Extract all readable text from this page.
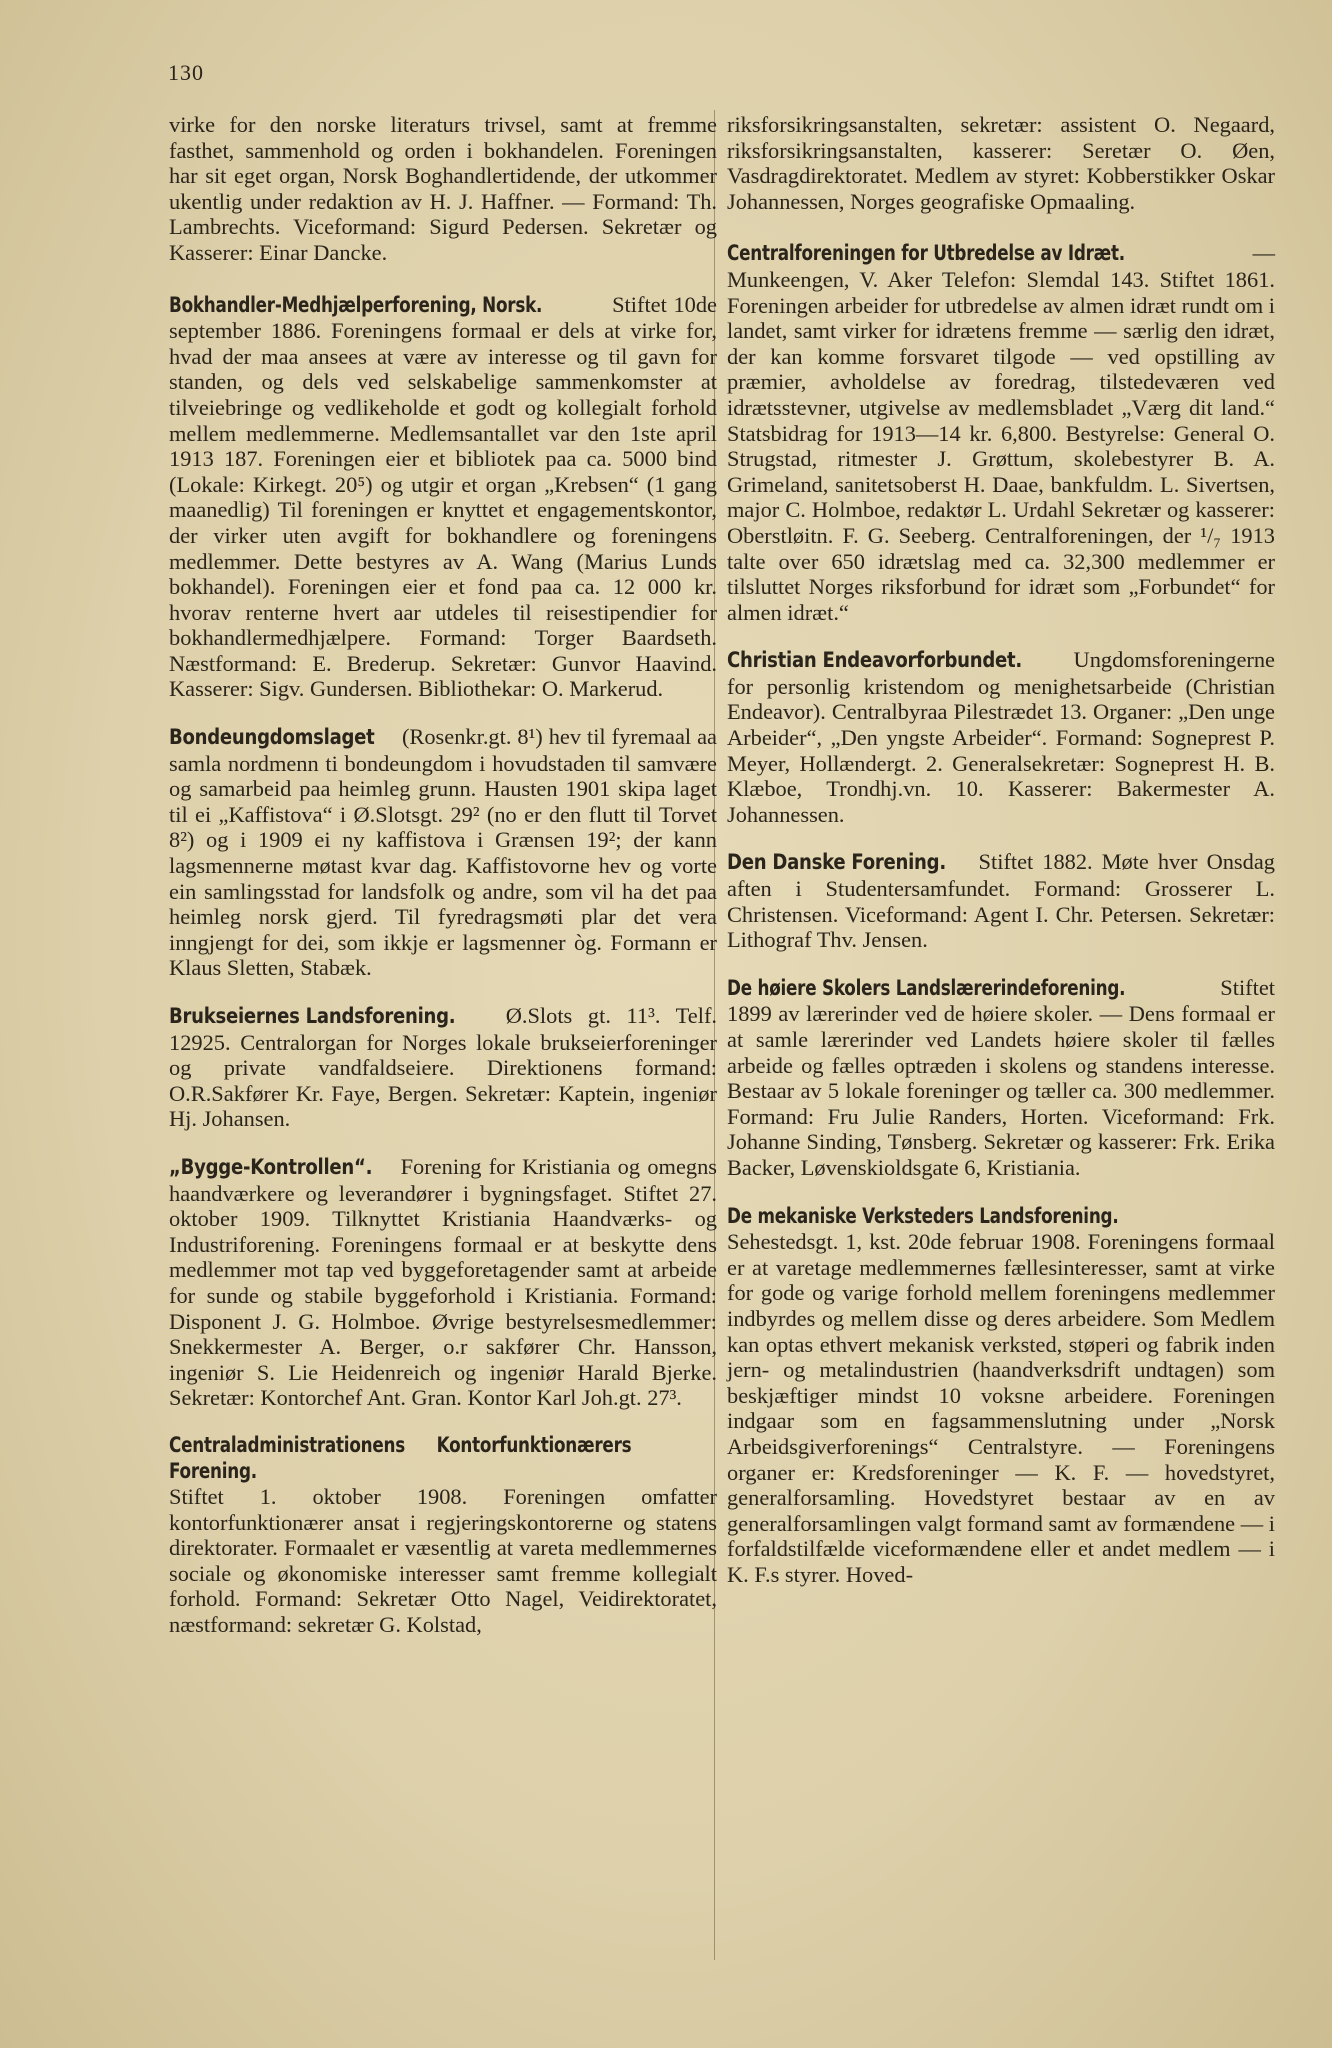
130

virke for den norske literaturs trivsel, samt at fremme fasthet, sammenhold og orden i bokhandelen. Foreningen har sit eget organ, Norsk Boghandlertidende, der utkommer ukentlig under redaktion av H. J. Haffner. — Formand: Th. Lambrechts. Viceformand: Sigurd Pedersen. Sekretær og Kasserer: Einar Dancke.

Bokhandler-Medhjælperforening, Norsk.	Stiftet 10de september 1886. Foreningens formaal er dels at virke for, hvad der maa ansees at være av interesse og til gavn for standen, og dels ved selskabelige sammenkomster at tilveiebringe og vedlikeholde et godt og kollegialt forhold mellem medlemmerne. Medlemsantallet var den 1ste april 1913 187. Foreningen eier et bibliotek paa ca. 5000 bind (Lokale: Kirkegt. 20⁵) og utgir et organ „Krebsen“ (1 gang maanedlig) Til foreningen er knyttet et engagementskontor, der virker uten avgift for bokhandlere og foreningens medlemmer. Dette bestyres av A. Wang (Marius Lunds bokhandel). Foreningen eier et fond paa ca. 12 000 kr. hvorav renterne hvert aar utdeles til reisestipendier for bokhandlermedhjælpere. Formand: Torger Baardseth. Næstformand: E. Brederup. Sekretær: Gunvor Haavind. Kasserer: Sigv. Gundersen. Bibliothekar: O. Markerud.

Bondeungdomslaget (Rosenkr.gt. 8¹) hev til fyremaal aa samla nordmenn ti bondeungdom i hovudstaden til samvære og samarbeid paa heimleg grunn. Hausten 1901 skipa laget til ei „Kaffistova“ i Ø.Slotsgt. 29² (no er den flutt til Torvet 8²) og i 1909 ei ny kaffistova i Grænsen 19²; der kann lagsmennerne møtast kvar dag. Kaffistovorne hev og vorte ein samlingsstad for landsfolk og andre, som vil ha det paa heimleg norsk gjerd. Til fyredragsmøti plar det vera inngjengt for dei, som ikkje er lagsmenner òg. Formann er Klaus Sletten, Stabæk.

Brukseiernes Landsforening. Ø.Slots gt. 11³. Telf. 12925. Centralorgan for Norges lokale brukseierforeninger og private vandfaldseiere. Direktionens formand: O.R.Sakfører Kr. Faye, Bergen. Sekretær: Kaptein, ingeniør Hj. Johansen.

„Bygge-Kontrollen“. Forening for Kristiania og omegns haandværkere og leverandører i bygningsfaget. Stiftet 27. oktober 1909. Tilknyttet Kristiania Haandværks- og Industriforening. Foreningens formaal er at beskytte dens medlemmer mot tap ved byggeforetagender samt at arbeide for sunde og stabile byggeforhold i Kristiania. Formand: Disponent J. G. Holmboe. Øvrige bestyrelsesmedlemmer: Snekkermester A. Berger, o.r sakfører Chr. Hansson, ingeniør S. Lie Heidenreich og ingeniør Harald Bjerke. Sekretær: Kontorchef Ant. Gran. Kontor Karl Joh.gt. 27³.

Centraladministrationens Kontorfunktionærers Forening. Stiftet 1. oktober 1908. Foreningen omfatter kontorfunktionærer ansat i regjeringskontorerne og statens direktorater. Formaalet er væsentlig at vareta medlemmernes sociale og økonomiske interesser samt fremme kollegialt forhold. Formand: Sekretær Otto Nagel, Veidirektoratet, næstformand: sekretær G. Kolstad,

riksforsikringsanstalten, sekretær: assistent O. Negaard, riksforsikringsanstalten, kasserer: Seretær O. Øen, Vasdragdirektoratet. Medlem av styret: Kobberstikker Oskar Johannessen, Norges geografiske Opmaaling.

Centralforeningen for Utbredelse av Idræt.	— Munkeengen, V. Aker Telefon: Slemdal 143. Stiftet 1861. Foreningen arbeider for utbredelse av almen idræt rundt om i landet, samt virker for idrætens fremme — særlig den idræt, der kan komme forsvaret tilgode — ved opstilling av præmier, avholdelse av foredrag, tilstedeværen ved idrætsstevner, utgivelse av medlemsbladet „Værg dit land.“ Statsbidrag for 1913—14 kr. 6,800. Bestyrelse: General O. Strugstad, ritmester J. Grøttum, skolebestyrer B. A. Grimeland, sanitetsoberst H. Daae, bankfuldm. L. Sivertsen, major C. Holmboe, redaktør L. Urdahl Sekretær og kasserer: Oberstløitn. F. G. Seeberg. Centralforeningen, der ¹/₇ 1913 talte over 650 idrætslag med ca. 32,300 medlemmer er tilsluttet Norges riksforbund for idræt som „Forbundet“ for almen idræt.“

Christian Endeavorforbundet. Ungdomsforeningerne for personlig kristendom og menighetsarbeide (Christian Endeavor). Centralbyraa Pilestrædet 13. Organer: „Den unge Arbeider“, „Den yngste Arbeider“. Formand: Sogneprest P. Meyer, Hollændergt. 2. Generalsekretær: Sogneprest H. B. Klæboe, Trondhj.vn. 10. Kasserer: Bakermester A. Johannessen.

Den Danske Forening. Stiftet 1882. Møte hver Onsdag aften i Studentersamfundet. Formand: Grosserer L. Christensen. Viceformand: Agent I. Chr. Petersen. Sekretær: Lithograf Thv. Jensen.

De høiere Skolers Landslærerindeforening.	Stiftet 1899 av lærerinder ved de høiere skoler. — Dens formaal er at samle lærerinder ved Landets høiere skoler til fælles arbeide og fælles optræden i skolens og standens interesse. Bestaar av 5 lokale foreninger og tæller ca. 300 medlemmer. Formand: Fru Julie Randers, Horten. Viceformand: Frk. Johanne Sinding, Tønsberg. Sekretær og kasserer: Frk. Erika Backer, Løvenskioldsgate 6, Kristiania.

De mekaniske Verksteders Landsforening. Sehestedsgt. 1, kst. 20de februar 1908. Foreningens formaal er at varetage medlemmernes fællesinteresser, samt at virke for gode og varige forhold mellem foreningens medlemmer indbyrdes og mellem disse og deres arbeidere. Som Medlem kan optas ethvert mekanisk verksted, støperi og fabrik inden jern- og metalindustrien (haandverksdrift undtagen) som beskjæftiger mindst 10 voksne arbeidere. Foreningen indgaar som en fagsammenslutning under „Norsk Arbeidsgiverforenings“ Centralstyre. — Foreningens organer er: Kredsforeninger — K. F. — hovedstyret, generalforsamling. Hovedstyret bestaar av en av generalforsamlingen valgt formand samt av formændene — i forfaldstilfælde viceformændene eller et andet medlem — i K. F.s styrer. Hoved-
